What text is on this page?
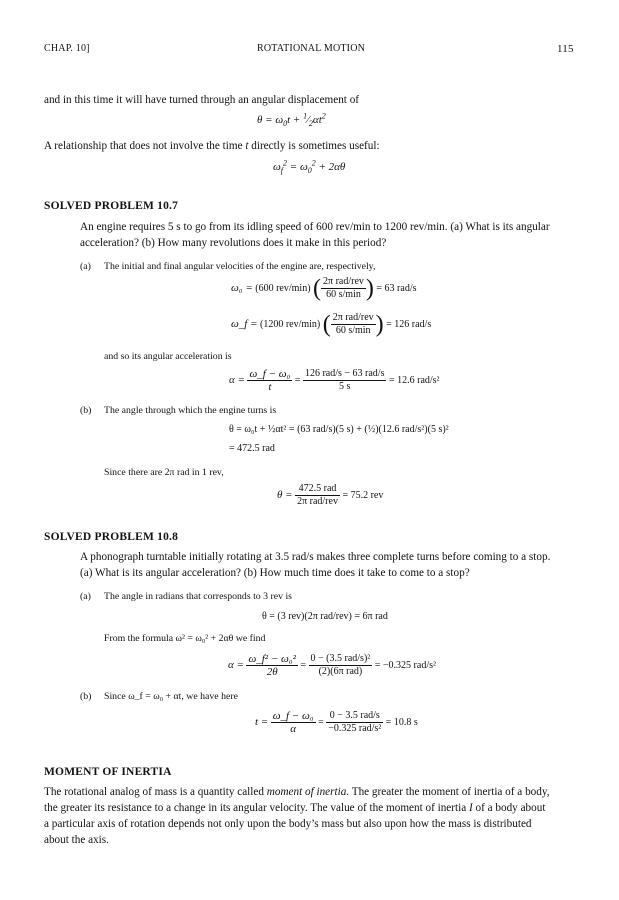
CHAP. 10]	ROTATIONAL MOTION	115
and in this time it will have turned through an angular displacement of
$\theta = \omega_0t$ + $^1⁄_2\alpha t^2$
A relationship that does not involve the time t directly is sometimes useful:
$\omega_f^2 = \omega_0^2 + 2\alpha\theta$
SOLVED PROBLEM 10.7
An engine requires 5 s to go from its idling speed of 600 rev/min to 1200 rev/min. (a) What is its angular
acceleration? (b) How many revolutions does it make in this period?
(a) The initial and final angular velocities of the engine are, respectively,
ω₀ = (600 rev/min) ( $\frac{\text{2π rad/rev}}{60 s/\min}$ ) = 63 rad/s
ω_f = (1200 rev/min) ( $\frac{\text{2π rad/rev}}{60 s/\min}$ ) = 126 rad/s
and so its angular acceleration is
$\alpha = \frac{\text{ω\_f − ω₀}}{t} = \frac{\text{126 rad/s − 63 rad/s}}{5 s} = 12.6$ rad/s²
(b) The angle through which the engine turns is
θ = ω₀t + ½αt² = (63 rad/s)(5 s) + (½)(12.6 rad/s²)(5 s)²
= 472.5 rad
Since there are 2π rad in 1 rev,
$\theta = \frac{\text{472.5 rad}}{\text{2π rad/rev}} = 75.2$ rev
SOLVED PROBLEM 10.8
A phonograph turntable initially rotating at 3.5 rad/s makes three complete turns before coming to a stop.
(a) What is its angular acceleration? (b) How much time does it take to come to a stop?
(a) The angle in radians that corresponds to 3 rev is
θ = (3 rev)(2π rad/rev) = 6π rad
From the formula ω² = ω₀² + 2αθ we find
$\alpha = \frac{\text{ω\_f² − ω₀²}}{2\theta} = \frac{\text{0 − (3.5 rad/s)²}}{\text{(2)(6π rad)}} = -0.325$ rad/s²
(b) Since ω_f = ω₀ + αt, we have here
$t = \frac{\text{ω\_f − ω₀}}{\alpha} = \frac{\text{0 − 3.5 rad/s}}{\text{−0.325 rad/s²}} = 10.8$ s
MOMENT OF INERTIA
The rotational analog of mass is a quantity called moment of inertia. The greater the moment of inertia of a body,
the greater its resistance to a change in its angular velocity. The value of the moment of inertia I of a body about
a particular axis of rotation depends not only upon the body’s mass but also upon how the mass is distributed
about the axis.
